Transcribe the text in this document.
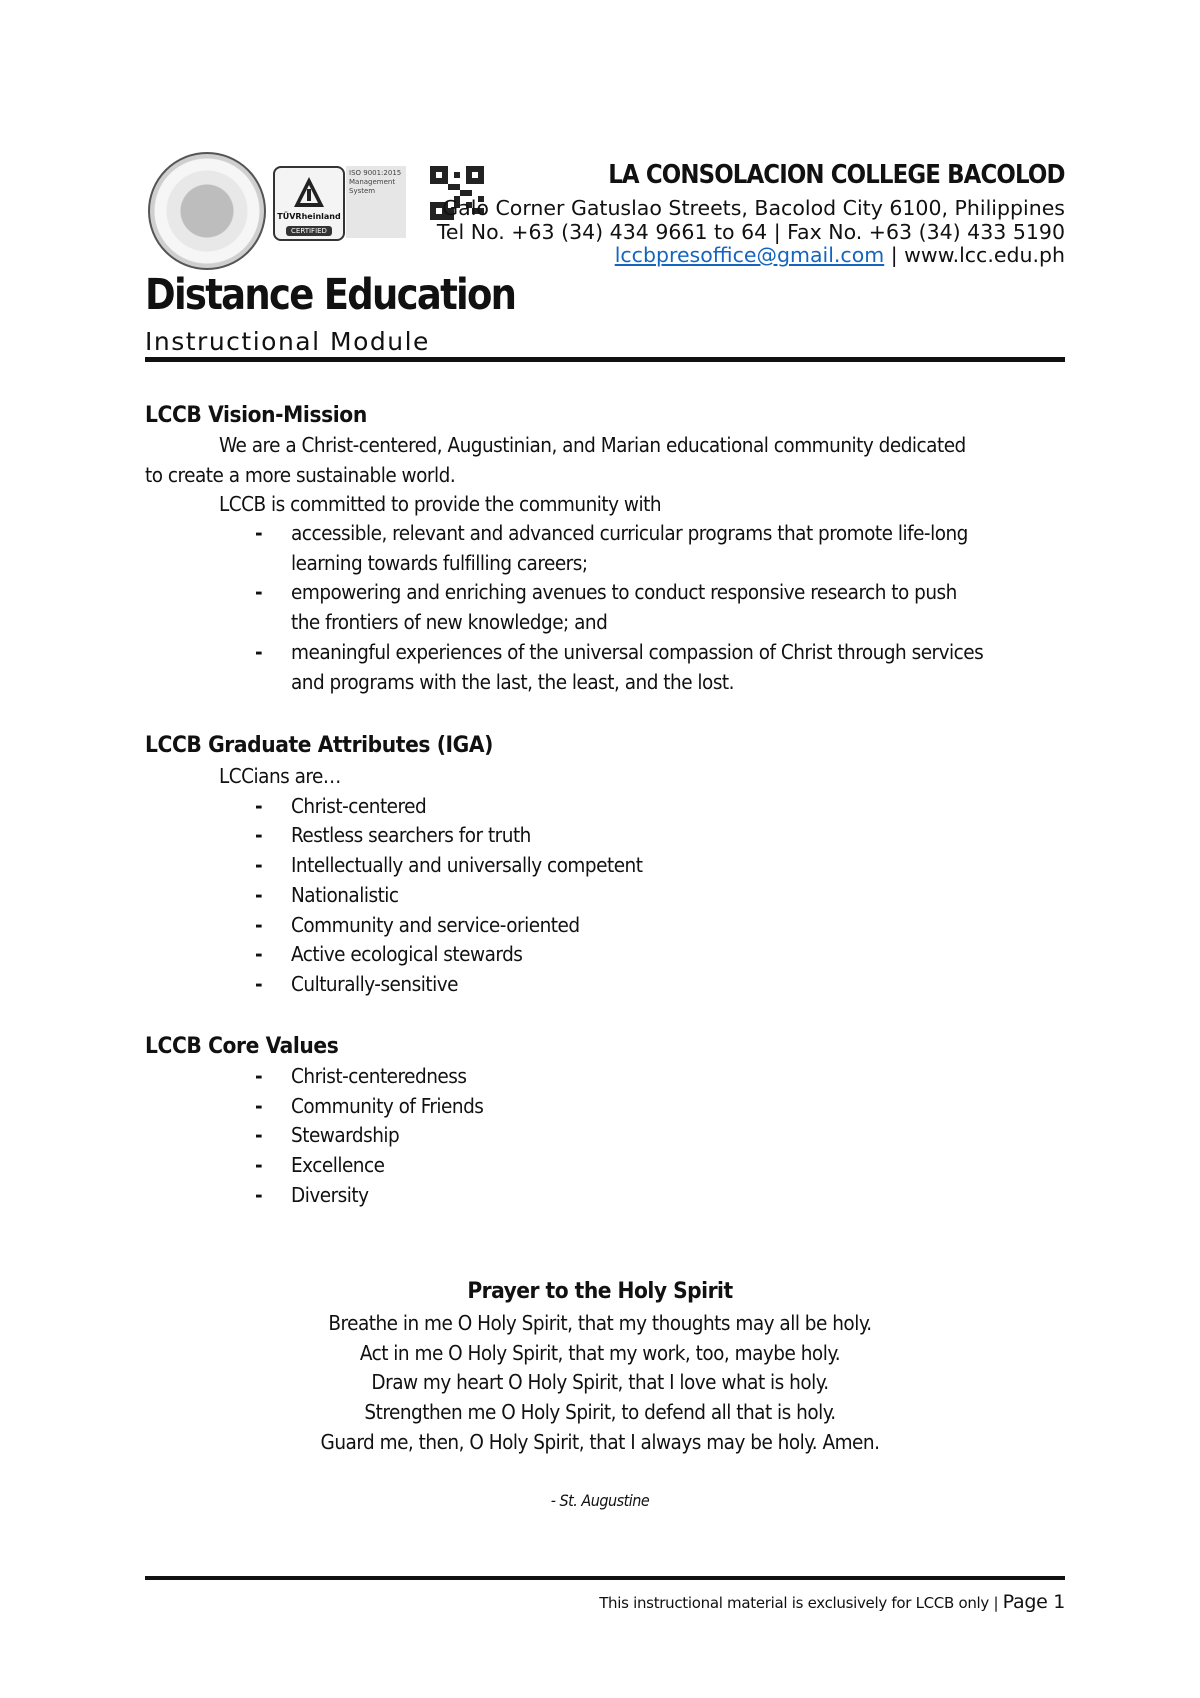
TÜVRheinland
CERTIFIED
ISO 9001:2015 Management System
LA CONSOLACION COLLEGE BACOLOD
Galo Corner Gatuslao Streets, Bacolod City 6100, Philippines
Tel No. +63 (34) 434 9661 to 64 | Fax No. +63 (34) 433 5190
lccbpresoffice@gmail.com | www.lcc.edu.ph
Distance Education
Instructional Module
LCCB Vision-Mission
We are a Christ-centered, Augustinian, and Marian educational community dedicated
to create a more sustainable world.
LCCB is committed to provide the community with
- accessible, relevant and advanced curricular programs that promote life-long
learning towards fulfilling careers;
- empowering and enriching avenues to conduct responsive research to push
the frontiers of new knowledge; and
- meaningful experiences of the universal compassion of Christ through services
and programs with the last, the least, and the lost.
LCCB Graduate Attributes (IGA)
LCCians are…
- Christ-centered
- Restless searchers for truth
- Intellectually and universally competent
- Nationalistic
- Community and service-oriented
- Active ecological stewards
- Culturally-sensitive
LCCB Core Values
- Christ-centeredness
- Community of Friends
- Stewardship
- Excellence
- Diversity
Prayer to the Holy Spirit
Breathe in me O Holy Spirit, that my thoughts may all be holy.
Act in me O Holy Spirit, that my work, too, maybe holy.
Draw my heart O Holy Spirit, that I love what is holy.
Strengthen me O Holy Spirit, to defend all that is holy.
Guard me, then, O Holy Spirit, that I always may be holy. Amen.
- St. Augustine
This instructional material is exclusively for LCCB only | Page 1
